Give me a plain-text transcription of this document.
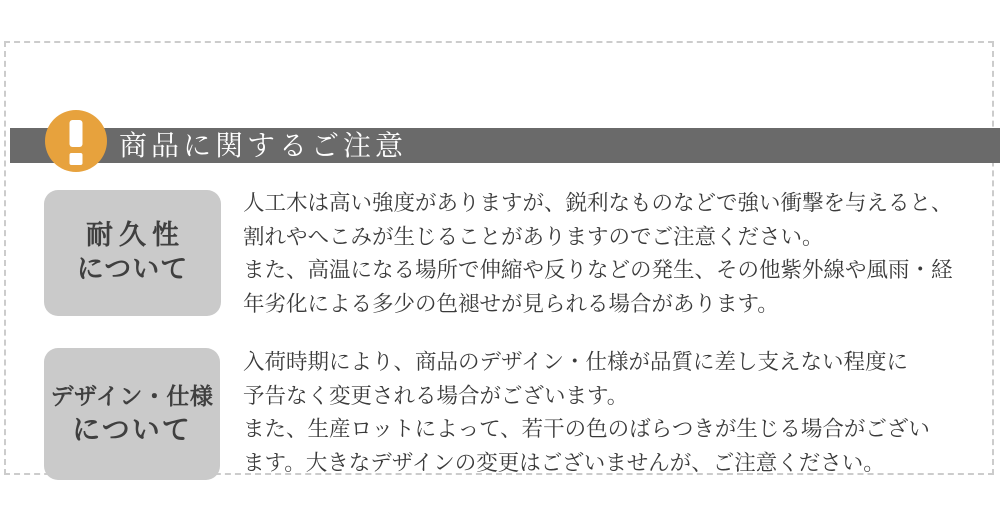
商品に関するご注意
耐久性
について
人工木は高い強度がありますが、鋭利なものなどで強い衝撃を与えると、
割れやへこみが生じることがありますのでご注意ください。
また、高温になる場所で伸縮や反りなどの発生、その他紫外線や風雨・経
年劣化による多少の色褪せが見られる場合があります。
デザイン・仕様
について
入荷時期により、商品のデザイン・仕様が品質に差し支えない程度に
予告なく変更される場合がございます。
また、生産ロットによって、若干の色のばらつきが生じる場合がござい
ます。大きなデザインの変更はございませんが、ご注意ください。
